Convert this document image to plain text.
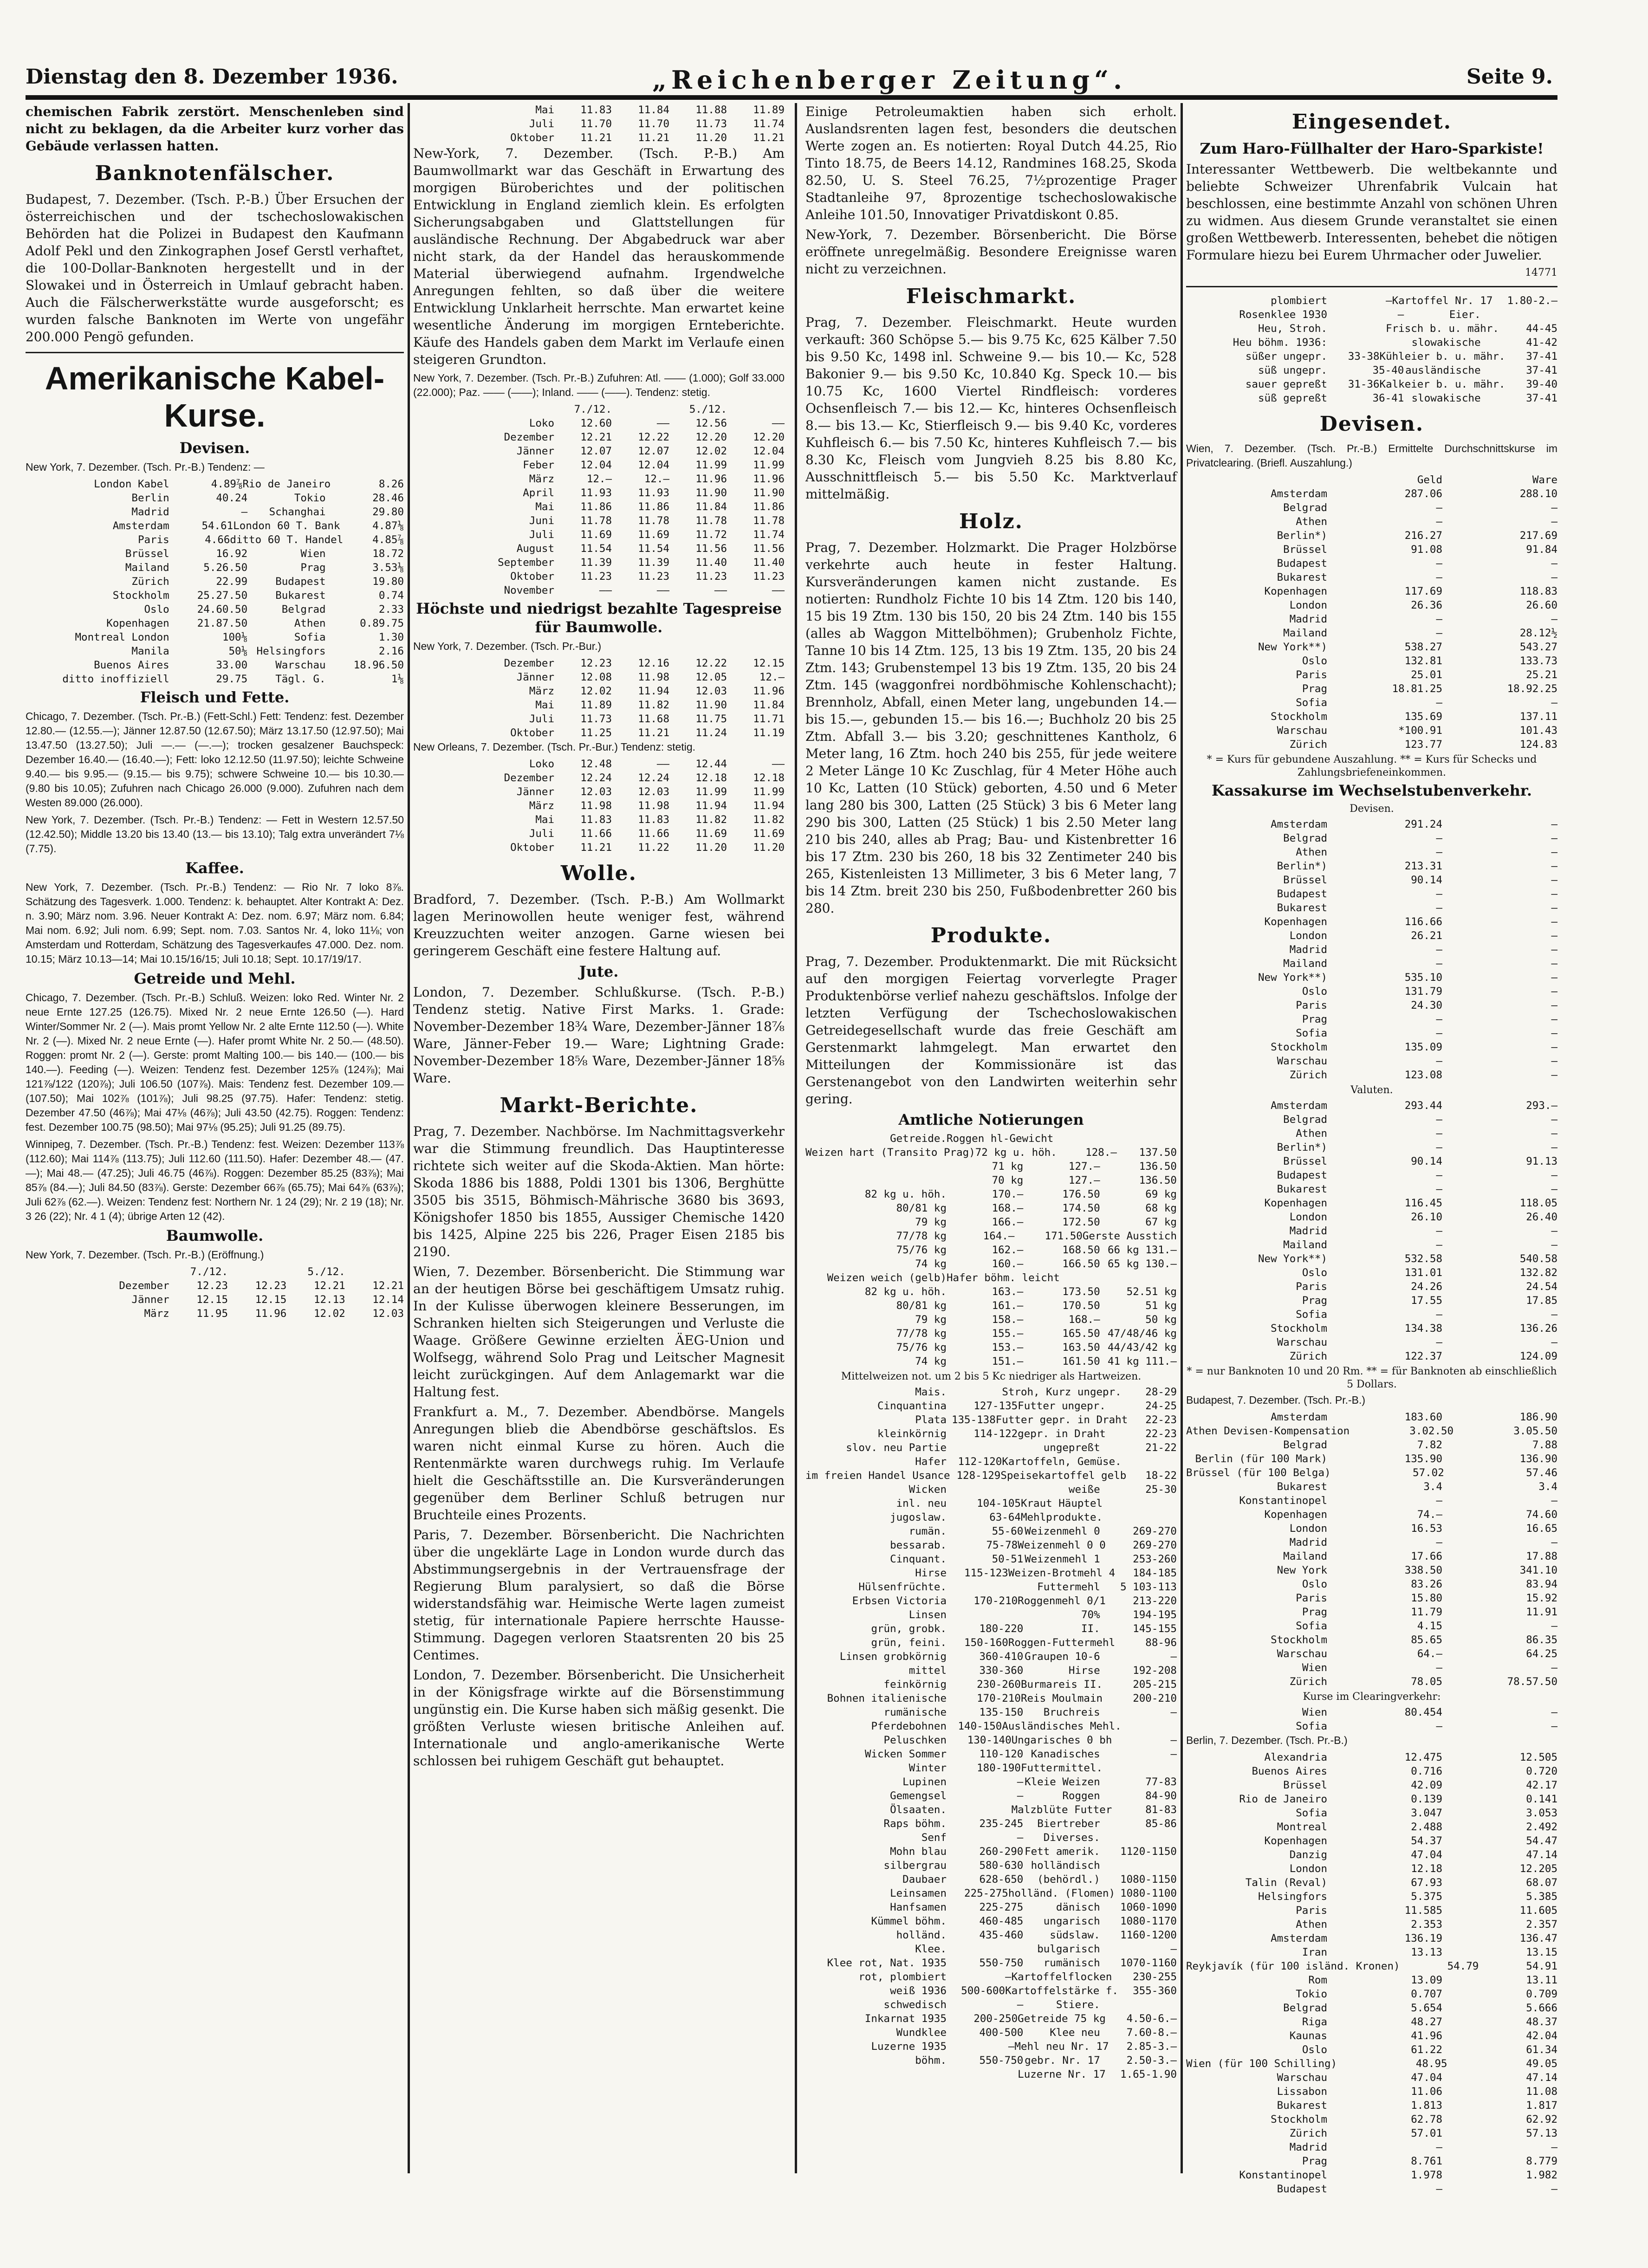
Dienstag den 8. Dezember 1936.	„Reichenberger Zeitung“.	Seite 9.

chemischen Fabrik zerstört. Menschenleben sind nicht zu beklagen, da die Arbeiter kurz vorher das Gebäude verlassen hatten.

Banknotenfälscher.

Budapest, 7. Dezember. (Tsch. P.-B.) Über Ersuchen der österreichischen und der tschechoslowakischen Behörden hat die Polizei in Budapest den Kaufmann Adolf Pekl und den Zinkographen Josef Gerstl verhaftet, die 100-Dollar-Banknoten hergestellt und in der Slowakei und in Österreich in Umlauf gebracht haben. Auch die Fälscherwerkstätte wurde ausgeforscht; es wurden falsche Banknoten im Werte von ungefähr 200.000 Pengö gefunden.

Amerikanische Kabel-Kurse.
Devisen.

New York, 7. Dezember. (Tsch. Pr.-B.) Tendenz: —

London Kabel	4.89⅞ Rio de Janeiro	8.26
Berlin	40.24	Tokio	28.46
Madrid	—	Schanghai	29.80
Amsterdam	54.61 London 60 T. Bank	4.87⅛
Paris	4.66 ditto 60 T. Handel	4.85⅞
Brüssel	16.92	Wien	18.72
Mailand	5.26.50	Prag	3.53⅛
Zürich	22.99	Budapest	19.80
Stockholm	25.27.50	Bukarest	0.74
Oslo	24.60.50	Belgrad	2.33
Kopenhagen	21.87.50	Athen	0.89.75
Montreal London	100⅛	Sofia	1.30
Manila	50⅛ Helsingfors	2.16
Buenos Aires	33.00	Warschau	18.96.50
ditto inoffiziell	29.75	Tägl. G.	1⅛
Fleisch und Fette.

Chicago, 7. Dezember. (Tsch. Pr.-B.) (Fett-Schl.) Fett: Tendenz: fest. Dezember 12.80.— (12.55.—); Jänner 12.87.50 (12.67.50); März 13.17.50 (12.97.50); Mai 13.47.50 (13.27.50); Juli —.— (—.—); trocken gesalzener Bauchspeck: Dezember 16.40.— (16.40.—); Fett: loko 12.12.50 (11.97.50); leichte Schweine 9.40.— bis 9.95.— (9.15.— bis 9.75); schwere Schweine 10.— bis 10.30.— (9.80 bis 10.05); Zufuhren nach Chicago 26.000 (9.000). Zufuhren nach dem Westen 89.000 (26.000).

New York, 7. Dezember. (Tsch. Pr.-B.) Tendenz: — Fett in Western 12.57.50 (12.42.50); Middle 13.20 bis 13.40 (13.— bis 13.10); Talg extra unverändert 7⅛ (7.75).

Kaffee.

New York, 7. Dezember. (Tsch. Pr.-B.) Tendenz: — Rio Nr. 7 loko 8⅞. Schätzung des Tagesverk. 1.000. Tendenz: k. behauptet. Alter Kontrakt A: Dez. n. 3.90; März nom. 3.96. Neuer Kontrakt A: Dez. nom. 6.97; März nom. 6.84; Mai nom. 6.92; Juli nom. 6.99; Sept. nom. 7.03. Santos Nr. 4, loko 11⅛; von Amsterdam und Rotterdam, Schätzung des Tagesverkaufes 47.000. Dez. nom. 10.15; März 10.13—14; Mai 10.15/16/15; Juli 10.18; Sept. 10.17/19/17.

Getreide und Mehl.

Chicago, 7. Dezember. (Tsch. Pr.-B.) Schluß. Weizen: loko Red. Winter Nr. 2 neue Ernte 127.25 (126.75). Mixed Nr. 2 neue Ernte 126.50 (—). Hard Winter/Sommer Nr. 2 (—). Mais promt Yellow Nr. 2 alte Ernte 112.50 (—). White Nr. 2 (—). Mixed Nr. 2 neue Ernte (—). Hafer promt White Nr. 2 50.— (48.50). Roggen: promt Nr. 2 (—). Gerste: promt Malting 100.— bis 140.— (100.— bis 140.—). Feeding (—). Weizen: Tendenz fest. Dezember 125⅞ (124⅞); Mai 121⅞/122 (120⅞); Juli 106.50 (107⅞). Mais: Tendenz fest. Dezember 109.— (107.50); Mai 102⅞ (101⅞); Juli 98.25 (97.75). Hafer: Tendenz: stetig. Dezember 47.50 (46⅞); Mai 47⅛ (46⅞); Juli 43.50 (42.75). Roggen: Tendenz: fest. Dezember 100.75 (98.50); Mai 97⅛ (95.25); Juli 91.25 (89.75).

Winnipeg, 7. Dezember. (Tsch. Pr.-B.) Tendenz: fest. Weizen: Dezember 113⅞ (112.60); Mai 114⅞ (113.75); Juli 112.60 (111.50). Hafer: Dezember 48.— (47.—); Mai 48.— (47.25); Juli 46.75 (46⅞). Roggen: Dezember 85.25 (83⅞); Mai 85⅞ (84.—); Juli 84.50 (83⅞). Gerste: Dezember 66⅞ (65.75); Mai 64⅞ (63⅞); Juli 62⅞ (62.—). Weizen: Tendenz fest: Northern Nr. 1 24 (29); Nr. 2 19 (18); Nr. 3 26 (22); Nr. 4 1 (4); übrige Arten 12 (42).

Baumwolle.

New York, 7. Dezember. (Tsch. Pr.-B.) (Eröffnung.)

7./12.	5./12.
Dezember	12.23	12.23	12.21	12.21
Jänner	12.15	12.15	12.13	12.14
März	11.95	11.96	12.02	12.03
Mai	11.83	11.84	11.88	11.89
Juli	11.70	11.70	11.73	11.74
Oktober	11.21	11.21	11.20	11.21

New-York, 7. Dezember. (Tsch. P.-B.) Am Baumwollmarkt war das Geschäft in Erwartung des morgigen Büroberichtes und der politischen Entwicklung in England ziemlich klein. Es erfolgten Sicherungsabgaben und Glattstellungen für ausländische Rechnung. Der Abgabedruck war aber nicht stark, da der Handel das herauskommende Material überwiegend aufnahm. Irgendwelche Anregungen fehlten, so daß über die weitere Entwicklung Unklarheit herrschte. Man erwartet keine wesentliche Änderung im morgigen Ernteberichte. Käufe des Handels gaben dem Markt im Verlaufe einen steigeren Grundton.

New York, 7. Dezember. (Tsch. Pr.-B.) Zufuhren: Atl. —— (1.000); Golf 33.000 (22.000); Paz. —— (——); Inland. —— (——). Tendenz: stetig.

7./12.	5./12.
Loko	12.60	——	12.56	——
Dezember	12.21	12.22	12.20	12.20
Jänner	12.07	12.07	12.02	12.04
Feber	12.04	12.04	11.99	11.99
März	12.—	12.—	11.96	11.96
April	11.93	11.93	11.90	11.90
Mai	11.86	11.86	11.84	11.86
Juni	11.78	11.78	11.78	11.78
Juli	11.69	11.69	11.72	11.74
August	11.54	11.54	11.56	11.56
September	11.39	11.39	11.40	11.40
Oktober	11.23	11.23	11.23	11.23
November	——	——	——	——
Höchste und niedrigst bezahlte Tagespreise für Baumwolle.

New York, 7. Dezember. (Tsch. Pr.-Bur.)

Dezember	12.23	12.16	12.22	12.15
Jänner	12.08	11.98	12.05	12.—
März	12.02	11.94	12.03	11.96
Mai	11.89	11.82	11.90	11.84
Juli	11.73	11.68	11.75	11.71
Oktober	11.25	11.21	11.24	11.19

New Orleans, 7. Dezember. (Tsch. Pr.-Bur.) Tendenz: stetig.

Loko	12.48	——	12.44	——
Dezember	12.24	12.24	12.18	12.18
Jänner	12.03	12.03	11.99	11.99
März	11.98	11.98	11.94	11.94
Mai	11.83	11.83	11.82	11.82
Juli	11.66	11.66	11.69	11.69
Oktober	11.21	11.22	11.20	11.20
Wolle.

Bradford, 7. Dezember. (Tsch. P.-B.) Am Wollmarkt lagen Merinowollen heute weniger fest, während Kreuzzuchten weiter anzogen. Garne wiesen bei geringerem Geschäft eine festere Haltung auf.

Jute.

London, 7. Dezember. Schlußkurse. (Tsch. P.-B.) Tendenz stetig. Native First Marks. 1. Grade: November-Dezember 18¾ Ware, Dezember-Jänner 18⅞ Ware, Jänner-Feber 19.— Ware; Lightning Grade: November-Dezember 18⅝ Ware, Dezember-Jänner 18⅝ Ware.

Markt-Berichte.

Prag, 7. Dezember. Nachbörse. Im Nachmittagsverkehr war die Stimmung freundlich. Das Hauptinteresse richtete sich weiter auf die Skoda-Aktien. Man hörte: Skoda 1886 bis 1888, Poldi 1301 bis 1306, Berghütte 3505 bis 3515, Böhmisch-Mährische 3680 bis 3693, Königshofer 1850 bis 1855, Aussiger Chemische 1420 bis 1425, Alpine 225 bis 226, Prager Eisen 2185 bis 2190.

Wien, 7. Dezember. Börsenbericht. Die Stimmung war an der heutigen Börse bei geschäftigem Umsatz ruhig. In der Kulisse überwogen kleinere Besserungen, im Schranken hielten sich Steigerungen und Verluste die Waage. Größere Gewinne erzielten ÄEG-Union und Wolfsegg, während Solo Prag und Leitscher Magnesit leicht zurückgingen. Auf dem Anlagemarkt war die Haltung fest.

Frankfurt a. M., 7. Dezember. Abendbörse. Mangels Anregungen blieb die Abendbörse geschäftslos. Es waren nicht einmal Kurse zu hören. Auch die Rentenmärkte waren durchwegs ruhig. Im Verlaufe hielt die Geschäftsstille an. Die Kursveränderungen gegenüber dem Berliner Schluß betrugen nur Bruchteile eines Prozents.

Paris, 7. Dezember. Börsenbericht. Die Nachrichten über die ungeklärte Lage in London wurde durch das Abstimmungsergebnis in der Vertrauensfrage der Regierung Blum paralysiert, so daß die Börse widerstandsfähig war. Heimische Werte lagen zumeist stetig, für internationale Papiere herrschte Hausse-Stimmung. Dagegen verloren Staatsrenten 20 bis 25 Centimes.

London, 7. Dezember. Börsenbericht. Die Unsicherheit in der Königsfrage wirkte auf die Börsenstimmung ungünstig ein. Die Kurse haben sich mäßig gesenkt. Die größten Verluste wiesen britische Anleihen auf. Internationale und anglo-amerikanische Werte schlossen bei ruhigem Geschäft gut behauptet.

Einige Petroleumaktien haben sich erholt. Auslandsrenten lagen fest, besonders die deutschen Werte zogen an. Es notierten: Royal Dutch 44.25, Rio Tinto 18.75, de Beers 14.12, Randmines 168.25, Skoda 82.50, U. S. Steel 76.25, 7½prozentige Prager Stadtanleihe 97, 8prozentige tschechoslowakische Anleihe 101.50, Innovatiger Privatdiskont 0.85.

New-York, 7. Dezember. Börsenbericht. Die Börse eröffnete unregelmäßig. Besondere Ereignisse waren nicht zu verzeichnen.

Fleischmarkt.

Prag, 7. Dezember. Fleischmarkt. Heute wurden verkauft: 360 Schöpse 5.— bis 9.75 Kc, 625 Kälber 7.50 bis 9.50 Kc, 1498 inl. Schweine 9.— bis 10.— Kc, 528 Bakonier 9.— bis 9.50 Kc, 10.840 Kg. Speck 10.— bis 10.75 Kc, 1600 Viertel Rindfleisch: vorderes Ochsenfleisch 7.— bis 12.— Kc, hinteres Ochsenfleisch 8.— bis 13.— Kc, Stierfleisch 9.— bis 9.40 Kc, vorderes Kuhfleisch 6.— bis 7.50 Kc, hinteres Kuhfleisch 7.— bis 8.30 Kc, Fleisch vom Jungvieh 8.25 bis 8.80 Kc, Ausschnittfleisch 5.— bis 5.50 Kc. Marktverlauf mittelmäßig.

Holz.

Prag, 7. Dezember. Holzmarkt. Die Prager Holzbörse verkehrte auch heute in fester Haltung. Kursveränderungen kamen nicht zustande. Es notierten: Rundholz Fichte 10 bis 14 Ztm. 120 bis 140, 15 bis 19 Ztm. 130 bis 150, 20 bis 24 Ztm. 140 bis 155 (alles ab Waggon Mittelböhmen); Grubenholz Fichte, Tanne 10 bis 14 Ztm. 125, 13 bis 19 Ztm. 135, 20 bis 24 Ztm. 143; Grubenstempel 13 bis 19 Ztm. 135, 20 bis 24 Ztm. 145 (waggonfrei nordböhmische Kohlenschacht); Brennholz, Abfall, einen Meter lang, ungebunden 14.— bis 15.—, gebunden 15.— bis 16.—; Buchholz 20 bis 25 Ztm. Abfall 3.— bis 3.20; geschnittenes Kantholz, 6 Meter lang, 16 Ztm. hoch 240 bis 255, für jede weitere 2 Meter Länge 10 Kc Zuschlag, für 4 Meter Höhe auch 10 Kc, Latten (10 Stück) geborten, 4.50 und 6 Meter lang 280 bis 300, Latten (25 Stück) 3 bis 6 Meter lang 290 bis 300, Latten (25 Stück) 1 bis 2.50 Meter lang 210 bis 240, alles ab Prag; Bau- und Kistenbretter 16 bis 17 Ztm. 230 bis 260, 18 bis 32 Zentimeter 240 bis 265, Kistenleisten 13 Millimeter, 3 bis 6 Meter lang, 7 bis 14 Ztm. breit 230 bis 250, Fußbodenbretter 260 bis 280.

Produkte.

Prag, 7. Dezember. Produktenmarkt. Die mit Rücksicht auf den morgigen Feiertag vorverlegte Prager Produktenbörse verlief nahezu geschäftslos. Infolge der letzten Verfügung der Tschechoslowakischen Getreidegesellschaft wurde das freie Geschäft am Gerstenmarkt lahmgelegt. Man erwartet den Mitteilungen der Kommissionäre ist das Gerstenangebot von den Landwirten weiterhin sehr gering.

Amtliche Notierungen
Getreide. Roggen hl-Gewicht
Weizen hart (Transito Prag) 72 kg u. höh.	128.—	137.50
71 kg	127.—	136.50
70 kg	127.—	136.50
82 kg u. höh.	170.—	176.50	69 kg
80/81 kg	168.—	174.50	68 kg
79 kg	166.—	172.50	67 kg
77/78 kg	164.—	171.50 Gerste Ausstich
75/76 kg	162.—	168.50 66 kg 131.—
74 kg	160.—	166.50 65 kg 130.—
Weizen weich (gelb) Hafer böhm. leicht
82 kg u. höh.	163.—	173.50	52.51 kg
80/81 kg	161.—	170.50	51 kg
79 kg	158.—	168.—	50 kg
77/78 kg	155.—	165.50 47/48/46 kg
75/76 kg	153.—	163.50 44/43/42 kg
74 kg	151.—	161.50 41 kg 111.—
Mittelweizen not. um 2 bis 5 Kc niedriger als Hartweizen.
Mais.	Stroh, Kurz ungepr.	28-29
Cinquantina	127-135 Futter ungepr.	24-25
Plata 135-138 Futter gepr. in Draht	22-23
kleinkörnig	114-122 gepr. in Draht	22-23
slov. neu Partie	ungepreßt	21-22
Hafer	112-120 Kartoffeln, Gemüse.
im freien Handel Usance 128-129 Speisekartoffel gelb	18-22
Wicken	weiße	25-30
inl. neu	104-105 Kraut Häuptel
jugoslaw.	63-64 Mehlprodukte.
rumän.	55-60 Weizenmehl 0	269-270
bessarab.	75-78 Weizenmehl 0 0	269-270
Cinquant.	50-51 Weizenmehl 1	253-260
Hirse	115-123 Weizen-Brotmehl 4	184-185
Hülsenfrüchte.	Futtermehl	5 103-113
Erbsen Victoria	170-210 Roggenmehl 0/1	213-220
Linsen	70%	194-195
grün, grobk.	180-220	II.	145-155
grün, feini.	150-160 Roggen-Futtermehl	88-96
Linsen grobkörnig	360-410 Graupen 10-6	—
mittel	330-360	Hirse	192-208
feinkörnig	230-260 Burmareis II.	205-215
Bohnen italienische	170-210 Reis Moulmain	200-210
rumänische	135-150	Bruchreis	—
Pferdebohnen	140-150 Ausländisches Mehl.
Peluschken	130-140 Ungarisches 0 bh	—
Wicken Sommer	110-120 Kanadisches	—
Winter	180-190 Futtermittel.
Lupinen	— Kleie Weizen	77-83
Gemengsel	—	Roggen	84-90
Ölsaaten.	Malzblüte Futter	81-83
Raps böhm.	235-245	Biertreber	85-86
Senf	—	Diverses.
Mohn blau	260-290 Fett amerik.	1120-1150
silbergrau	580-630 holländisch
Daubaer	628-650	(behördl.)	1080-1150
Leinsamen	225-275 holländ. (Flomen) 1080-1100
Hanfsamen	225-275	dänisch	1060-1090
Kümmel böhm.	460-485	ungarisch	1080-1170
holländ.	435-460	südslaw.	1160-1200
Klee.	bulgarisch	—
Klee rot, Nat. 1935	550-750	rumänisch	1070-1160
rot, plombiert	— Kartoffelflocken	230-255
weiß 1936	500-600 Kartoffelstärke f.	355-360
schwedisch	—	Stiere.
Inkarnat 1935	200-250 Getreide 75 kg	4.50-6.—
Wundklee	400-500	Klee neu	7.60-8.—
Luzerne 1935	— Mehl neu Nr. 17	2.85-3.—
böhm.	550-750 gebr. Nr. 17	2.50-3.—
Luzerne Nr. 17	1.65-1.90
Eingesendet.
Zum Haro-Füllhalter der Haro-Sparkiste!

Interessanter Wettbewerb. Die weltbekannte und beliebte Schweizer Uhrenfabrik Vulcain hat beschlossen, eine bestimmte Anzahl von schönen Uhren zu widmen. Aus diesem Grunde veranstaltet sie einen großen Wettbewerb. Interessenten, behebet die nötigen Formulare hiezu bei Eurem Uhrmacher oder Juwelier.

14771
plombiert	— Kartoffel Nr. 17	1.80-2.—
Rosenklee 1930	—	Eier.
Heu, Stroh.	Frisch b. u. mähr.	44-45
Heu böhm. 1936:	slowakische	41-42
süßer ungepr.	33-38 Kühleier b. u. mähr.	37-41
süß ungepr.	35-40 ausländische	37-41
sauer gepreßt	31-36 Kalkeier b. u. mähr.	39-40
süß gepreßt	36-41 slowakische	37-41
Devisen.

Wien, 7. Dezember. (Tsch. Pr.-B.) Ermittelte Durchschnittskurse im Privatclearing. (Briefl. Auszahlung.)

Geld	Ware
Amsterdam	287.06	288.10
Belgrad	—	—
Athen	—	—
Berlin*)	216.27	217.69
Brüssel	91.08	91.84
Budapest	—	—
Bukarest	—	—
Kopenhagen	117.69	118.83
London	26.36	26.60
Madrid	—	—
Mailand	—	28.12½
New York**)	538.27	543.27
Oslo	132.81	133.73
Paris	25.01	25.21
Prag	18.81.25	18.92.25
Sofia	—	—
Stockholm	135.69	137.11
Warschau	*100.91	101.43
Zürich	123.77	124.83
* = Kurs für gebundene Auszahlung. ** = Kurs für Schecks und Zahlungsbriefeneinkommen.
Kassakurse im Wechselstubenverkehr.
Devisen.
Amsterdam	291.24	—
Belgrad	—	—
Athen	—	—
Berlin*)	213.31	—
Brüssel	90.14	—
Budapest	—	—
Bukarest	—	—
Kopenhagen	116.66	—
London	26.21	—
Madrid	—	—
Mailand	—	—
New York**)	535.10	—
Oslo	131.79	—
Paris	24.30	—
Prag	—	—
Sofia	—	—
Stockholm	135.09	—
Warschau	—	—
Zürich	123.08	—
Valuten.
Amsterdam	293.44	293.—
Belgrad	—	—
Athen	—	—
Berlin*)	—	—
Brüssel	90.14	91.13
Budapest	—	—
Bukarest	—	—
Kopenhagen	116.45	118.05
London	26.10	26.40
Madrid	—	—
Mailand	—	—
New York**)	532.58	540.58
Oslo	131.01	132.82
Paris	24.26	24.54
Prag	17.55	17.85
Sofia	—	—
Stockholm	134.38	136.26
Warschau	—	—
Zürich	122.37	124.09
* = nur Banknoten 10 und 20 Rm. ** = für Banknoten ab einschließlich 5 Dollars.

Budapest, 7. Dezember. (Tsch. Pr.-B.)

Amsterdam	183.60	186.90
Athen Devisen-Kompensation	3.02.50	3.05.50
Belgrad	7.82	7.88
Berlin (für 100 Mark)	135.90	136.90
Brüssel (für 100 Belga)	57.02	57.46
Bukarest	3.4	3.4
Konstantinopel	—	—
Kopenhagen	74.—	74.60
London	16.53	16.65
Madrid	—	—
Mailand	17.66	17.88
New York	338.50	341.10
Oslo	83.26	83.94
Paris	15.80	15.92
Prag	11.79	11.91
Sofia	4.15	—
Stockholm	85.65	86.35
Warschau	64.—	64.25
Wien	—	—
Zürich	78.05	78.57.50
Kurse im Clearingverkehr:
Wien	80.454	—
Sofia	—	—

Berlin, 7. Dezember. (Tsch. Pr.-B.)

Alexandria	12.475	12.505
Buenos Aires	0.716	0.720
Brüssel	42.09	42.17
Rio de Janeiro	0.139	0.141
Sofia	3.047	3.053
Montreal	2.488	2.492
Kopenhagen	54.37	54.47
Danzig	47.04	47.14
London	12.18	12.205
Talin (Reval)	67.93	68.07
Helsingfors	5.375	5.385
Paris	11.585	11.605
Athen	2.353	2.357
Amsterdam	136.19	136.47
Iran	13.13	13.15
Reykjavík (für 100 isländ. Kronen)	54.79	54.91
Rom	13.09	13.11
Tokio	0.707	0.709
Belgrad	5.654	5.666
Riga	48.27	48.37
Kaunas	41.96	42.04
Oslo	61.22	61.34
Wien (für 100 Schilling)	48.95	49.05
Warschau	47.04	47.14
Lissabon	11.06	11.08
Bukarest	1.813	1.817
Stockholm	62.78	62.92
Zürich	57.01	57.13
Madrid	—	—
Prag	8.761	8.779
Konstantinopel	1.978	1.982
Budapest	—	—
